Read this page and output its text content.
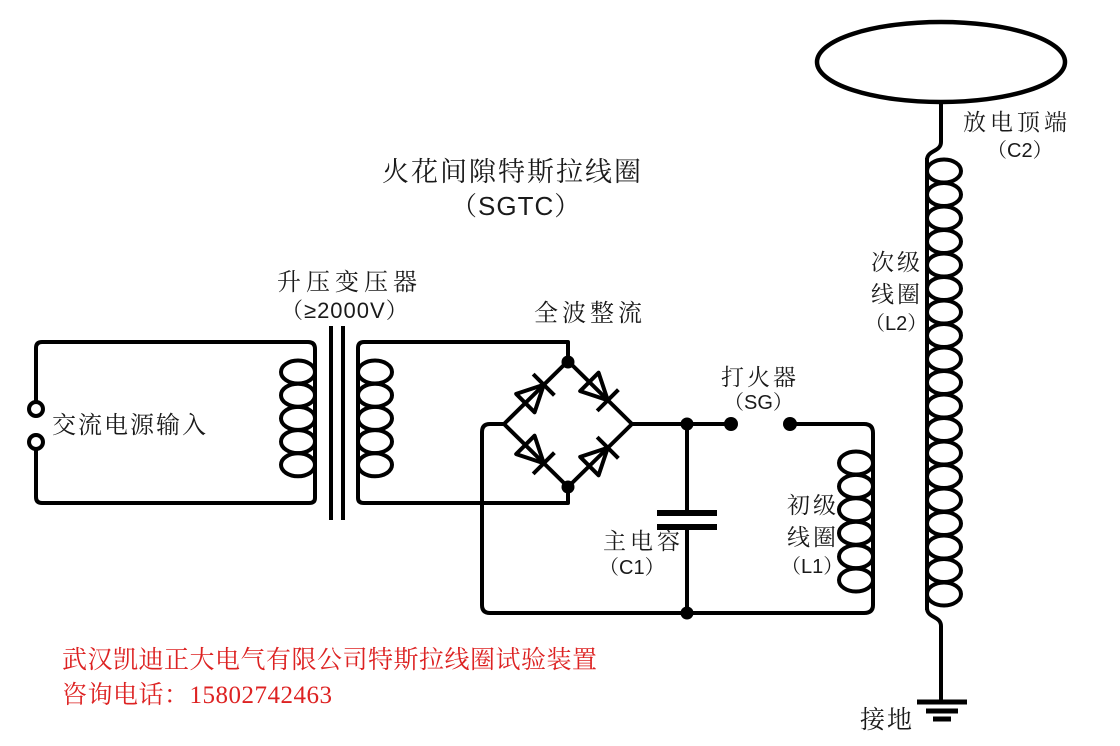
火花间隙特斯拉线圈
（SGTC）
升压变压器
（≥2000V）
交流电源输入
全波整流
打火器
（SG）
主电容
（C1）
初级
线圈
（L1）
次级
线圈
（L2）
放电顶端
（C2）
接地
武汉凯迪正大电气有限公司特斯拉线圈试验装置
咨询电话：15802742463
